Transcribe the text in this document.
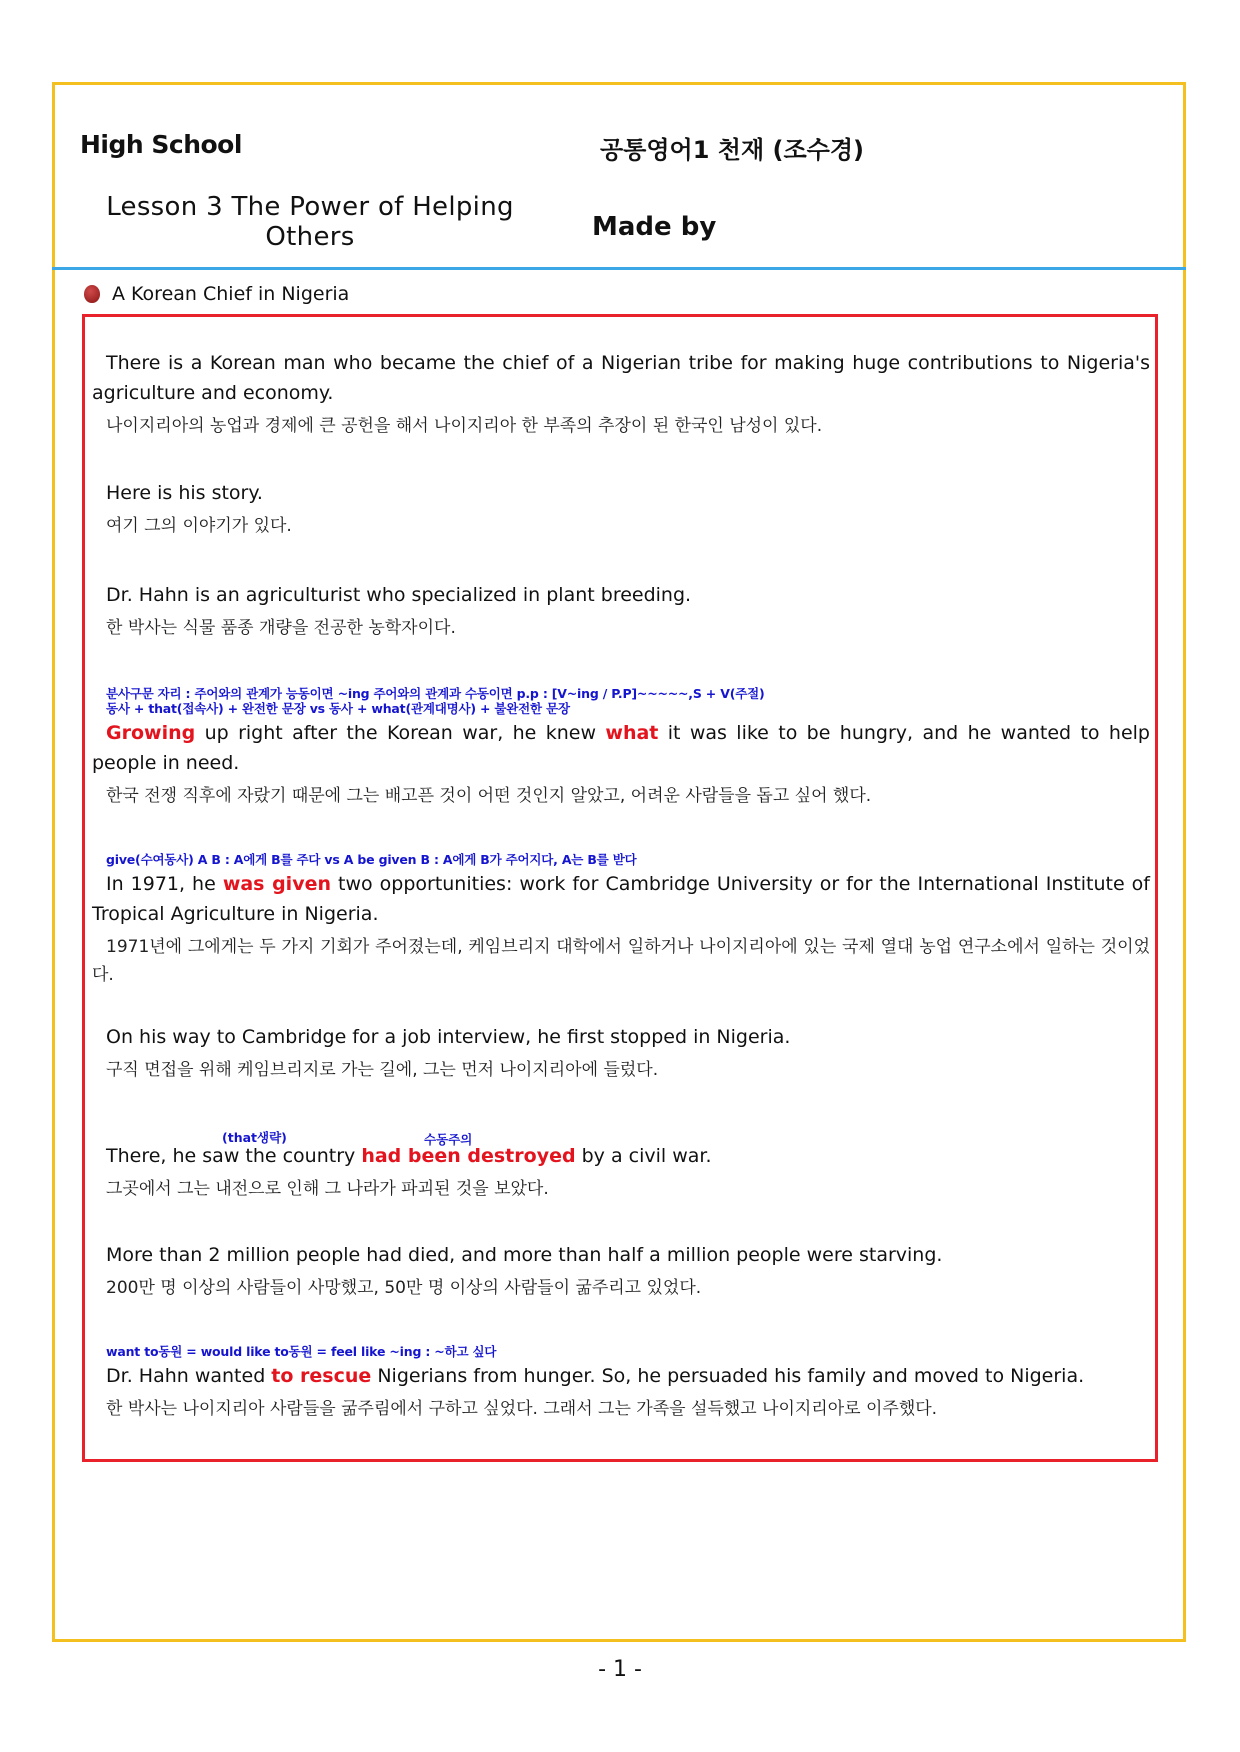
High School	공통영어1 천재 (조수경)
Lesson 3 The Power of Helping Others	Made by
A Korean Chief in Nigeria

There is a Korean man who became the chief of a Nigerian tribe for making huge contributions to Nigeria's agriculture and economy.

나이지리아의 농업과 경제에 큰 공헌을 해서 나이지리아 한 부족의 추장이 된 한국인 남성이 있다.

Here is his story.

여기 그의 이야기가 있다.

Dr. Hahn is an agriculturist who specialized in plant breeding.

한 박사는 식물 품종 개량을 전공한 농학자이다.

분사구문 자리 : 주어와의 관계가 능동이면 ~ing 주어와의 관계과 수동이면 p.p : [V~ing / P.P]~~~~~,S + V(주절)

동사 + that(접속사) + 완전한 문장 vs 동사 + what(관계대명사) + 불완전한 문장

Growing up right after the Korean war, he knew what it was like to be hungry, and he wanted to help people in need.

한국 전쟁 직후에 자랐기 때문에 그는 배고픈 것이 어떤 것인지 알았고, 어려운 사람들을 돕고 싶어 했다.

give(수여동사) A B : A에게 B를 주다 vs A be given B : A에게 B가 주어지다, A는 B를 받다

In 1971, he was given two opportunities: work for Cambridge University or for the International Institute of Tropical Agriculture in Nigeria.

1971년에 그에게는 두 가지 기회가 주어졌는데, 케임브리지 대학에서 일하거나 나이지리아에 있는 국제 열대 농업 연구소에서 일하는 것이었다.

On his way to Cambridge for a job interview, he first stopped in Nigeria.

구직 면접을 위해 케임브리지로 가는 길에, 그는 먼저 나이지리아에 들렀다.

(that생략)	수동주의

There, he saw the country had been destroyed by a civil war.

그곳에서 그는 내전으로 인해 그 나라가 파괴된 것을 보았다.

More than 2 million people had died, and more than half a million people were starving.

200만 명 이상의 사람들이 사망했고, 50만 명 이상의 사람들이 굶주리고 있었다.

want to동원 = would like to동원 = feel like ~ing : ~하고 싶다

Dr. Hahn wanted to rescue Nigerians from hunger. So, he persuaded his family and moved to Nigeria.

한 박사는 나이지리아 사람들을 굶주림에서 구하고 싶었다. 그래서 그는 가족을 설득했고 나이지리아로 이주했다.

- 1 -
